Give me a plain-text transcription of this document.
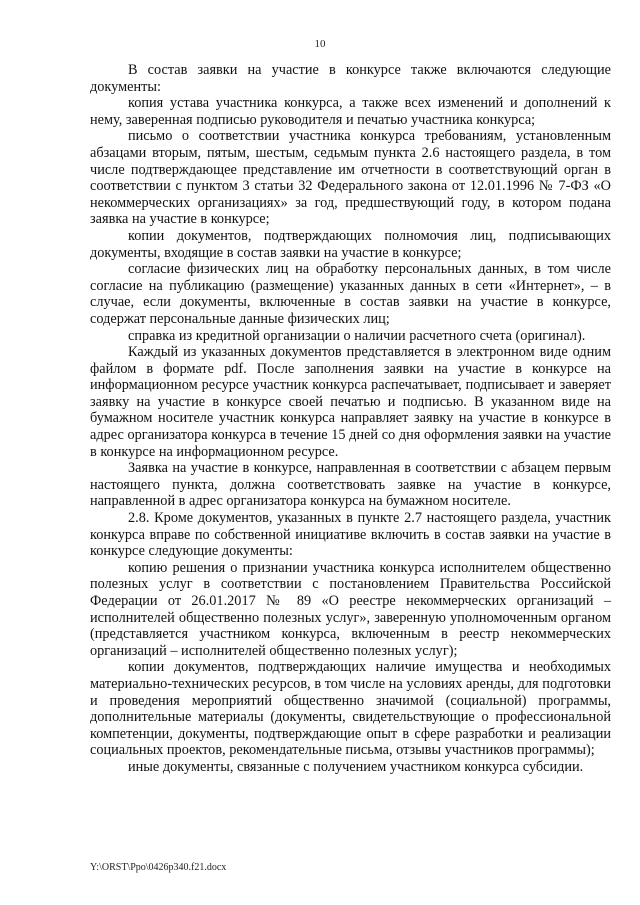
10

В состав заявки на участие в конкурсе также включаются следующие документы:

копия устава участника конкурса, а также всех изменений и дополнений к нему, заверенная подписью руководителя и печатью участника конкурса;

письмо о соответствии участника конкурса требованиям, установленным абзацами вторым, пятым, шестым, седьмым пункта 2.6 настоящего раздела, в том числе подтверждающее представление им отчетности в соответствующий орган в соответствии с пунктом 3 статьи 32 Федерального закона от 12.01.1996 № 7-ФЗ «О некоммерческих организациях» за год, предшествующий году, в котором подана заявка на участие в конкурсе;

копии документов, подтверждающих полномочия лиц, подписывающих документы, входящие в состав заявки на участие в конкурсе;

согласие физических лиц на обработку персональных данных, в том числе согласие на публикацию (размещение) указанных данных в сети «Интернет», – в случае, если документы, включенные в состав заявки на участие в конкурсе, содержат персональные данные физических лиц;

справка из кредитной организации о наличии расчетного счета (оригинал).

Каждый из указанных документов представляется в электронном виде одним файлом в формате pdf. После заполнения заявки на участие в конкурсе на информационном ресурсе участник конкурса распечатывает, подписывает и заверяет заявку на участие в конкурсе своей печатью и подписью. В указанном виде на бумажном носителе участник конкурса направляет заявку на участие в конкурсе в адрес организатора конкурса в течение 15 дней со дня оформления заявки на участие в конкурсе на информационном ресурсе.

Заявка на участие в конкурсе, направленная в соответствии с абзацем первым настоящего пункта, должна соответствовать заявке на участие в конкурсе, направленной в адрес организатора конкурса на бумажном носителе.

2.8. Кроме документов, указанных в пункте 2.7 настоящего раздела, участник конкурса вправе по собственной инициативе включить в состав заявки на участие в конкурсе следующие документы:

копию решения о признании участника конкурса исполнителем общественно полезных услуг в соответствии с постановлением Правительства Российской Федерации от 26.01.2017 № 89 «О реестре некоммерческих организаций – исполнителей общественно полезных услуг», заверенную уполномоченным органом (представляется участником конкурса, включенным в реестр некоммерческих организаций – исполнителей общественно полезных услуг);

копии документов, подтверждающих наличие имущества и необходимых материально-технических ресурсов, в том числе на условиях аренды, для подготовки и проведения мероприятий общественно значимой (социальной) программы, дополнительные материалы (документы, свидетельствующие о профессиональной компетенции, документы, подтверждающие опыт в сфере разработки и реализации социальных проектов, рекомендательные письма, отзывы участников программы);

иные документы, связанные с получением участником конкурса субсидии.

Y:\ORST\Ppo\0426p340.f21.docx
